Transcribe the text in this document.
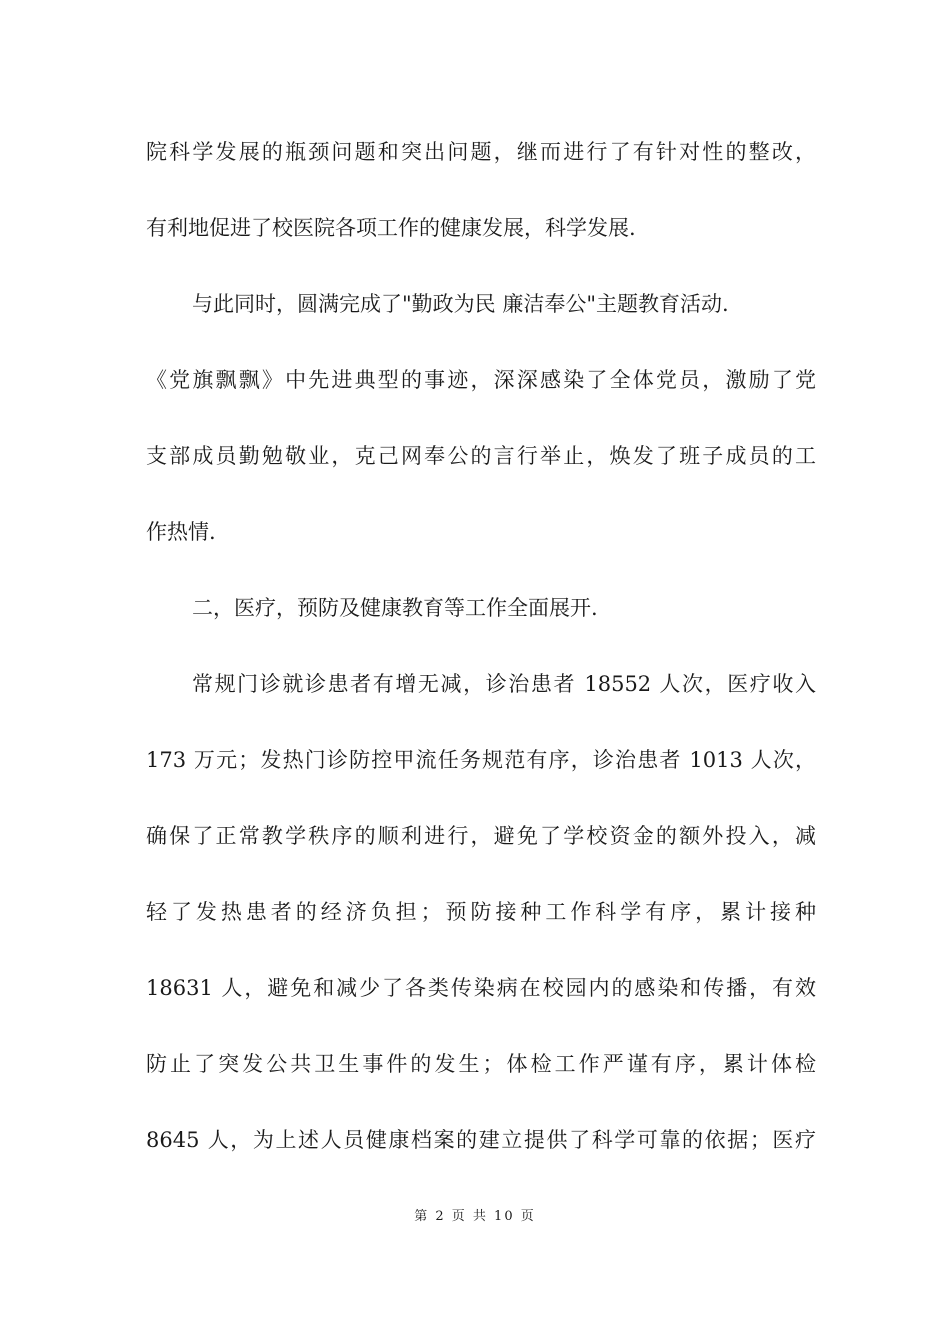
院科学发展的瓶颈问题和突出问题，继而进行了有针对性的整改，
有利地促进了校医院各项工作的健康发展，科学发展.
与此同时，圆满完成了"勤政为民 廉洁奉公"主题教育活动.
《党旗飘飘》中先进典型的事迹，深深感染了全体党员，激励了党
支部成员勤勉敬业，克己网奉公的言行举止，焕发了班子成员的工
作热情.
二，医疗，预防及健康教育等工作全面展开.
常规门诊就诊患者有增无减，诊治患者 18552 人次，医疗收入
173 万元；发热门诊防控甲流任务规范有序，诊治患者 1013 人次，
确保了正常教学秩序的顺利进行，避免了学校资金的额外投入，减
轻了发热患者的经济负担；预防接种工作科学有序，累计接种
18631 人，避免和减少了各类传染病在校园内的感染和传播，有效
防止了突发公共卫生事件的发生；体检工作严谨有序，累计体检
8645 人，为上述人员健康档案的建立提供了科学可靠的依据；医疗
第 2 页 共 10 页
